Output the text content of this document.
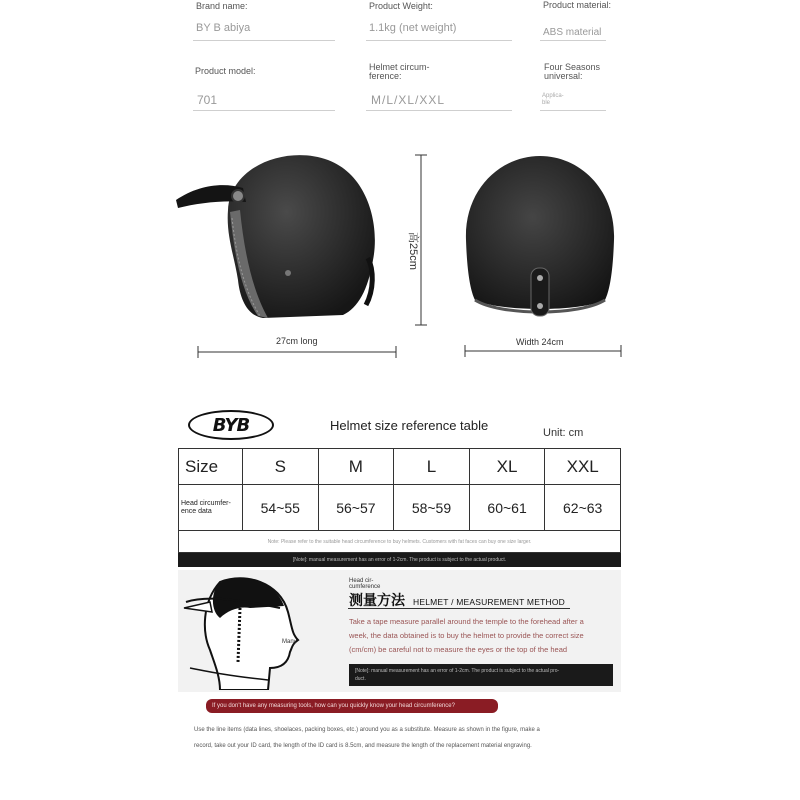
Brand name:
BY B abiya
Product Weight:
1.1kg (net weight)
Product material:
ABS material
Product model:
701
Helmet circum-
ference:
M/L/XL/XXL
Four Seasons
universal:
Applica-
ble
高25cm
27cm long	Width 24cm
BYB	Helmet size reference table	Unit: cm
Size	S	M	L	XL	XXL

Head circumfer-
ence data	54~55	56~57	58~59	60~61	62~63
Note: Please refer to the suitable head circumference to buy helmets. Customers with fat faces can buy one size larger.					
[Note]: manual measurement has an error of 1-2cm. The product is subject to the actual product.
Head cir-
cumference
Many
测量方法 HELMET / MEASUREMENT METHOD
Take a tape measure parallel around the temple to the forehead after a
week, the data obtained is to buy the helmet to provide the correct size
(cm/cm) be careful not to measure the eyes or the top of the head
[Note]: manual measurement has an error of 1-2cm. The product is subject to the actual pro-
duct.
If you don't have any measuring tools, how can you quickly know your head circumference?
Use the line items (data lines, shoelaces, packing boxes, etc.) around you as a substitute. Measure as shown in the figure, make a
record, take out your ID card, the length of the ID card is 8.5cm, and measure the length of the replacement material engraving.
